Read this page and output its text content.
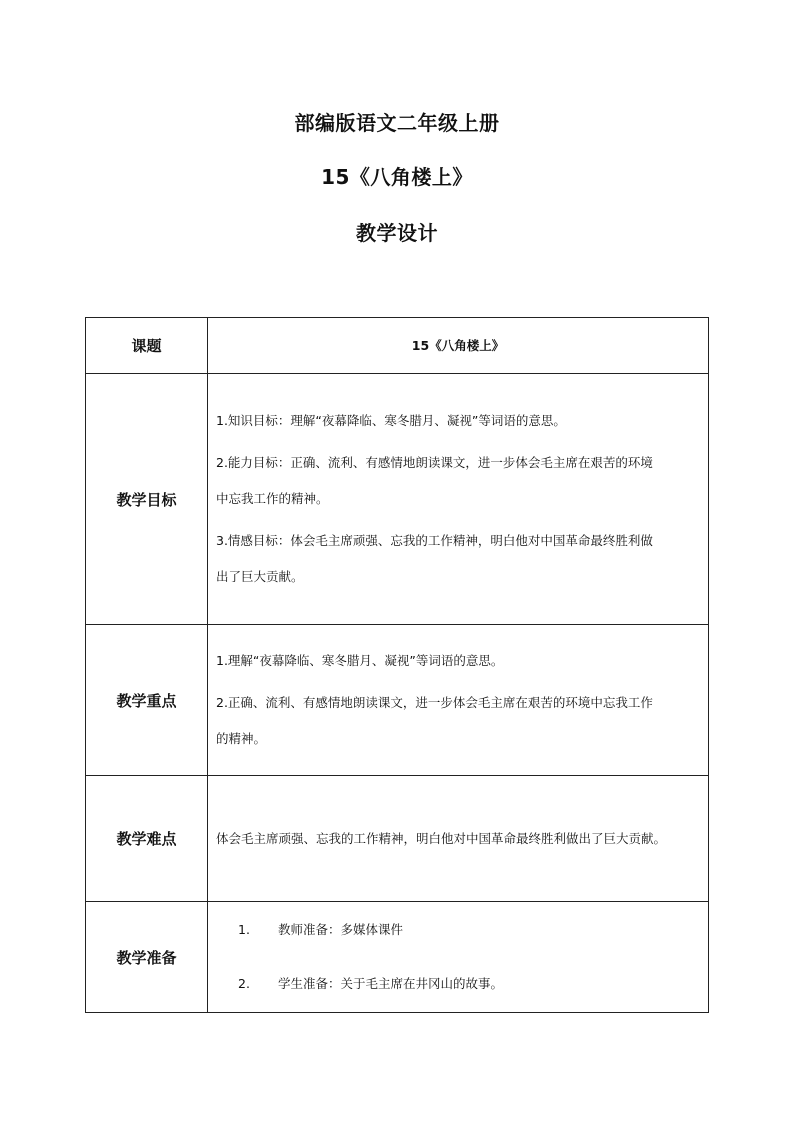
部编版语文二年级上册
15《八角楼上》
教学设计
课题	15《八角楼上》
教学目标	1.知识目标：理解“夜幕降临、寒冬腊月、凝视”等词语的意思。

2.能力目标：正确、流利、有感情地朗读课文，进一步体会毛主席在艰苦的环境
中忘我工作的精神。

3.情感目标：体会毛主席顽强、忘我的工作精神，明白他对中国革命最终胜利做
出了巨大贡献。

教学重点	1.理解“夜幕降临、寒冬腊月、凝视”等词语的意思。

2.正确、流利、有感情地朗读课文，进一步体会毛主席在艰苦的环境中忘我工作
的精神。

教学难点	体会毛主席顽强、忘我的工作精神，明白他对中国革命最终胜利做出了巨大贡献。
教学准备	1. 教师准备：多媒体课件
2. 学生准备：关于毛主席在井冈山的故事。
